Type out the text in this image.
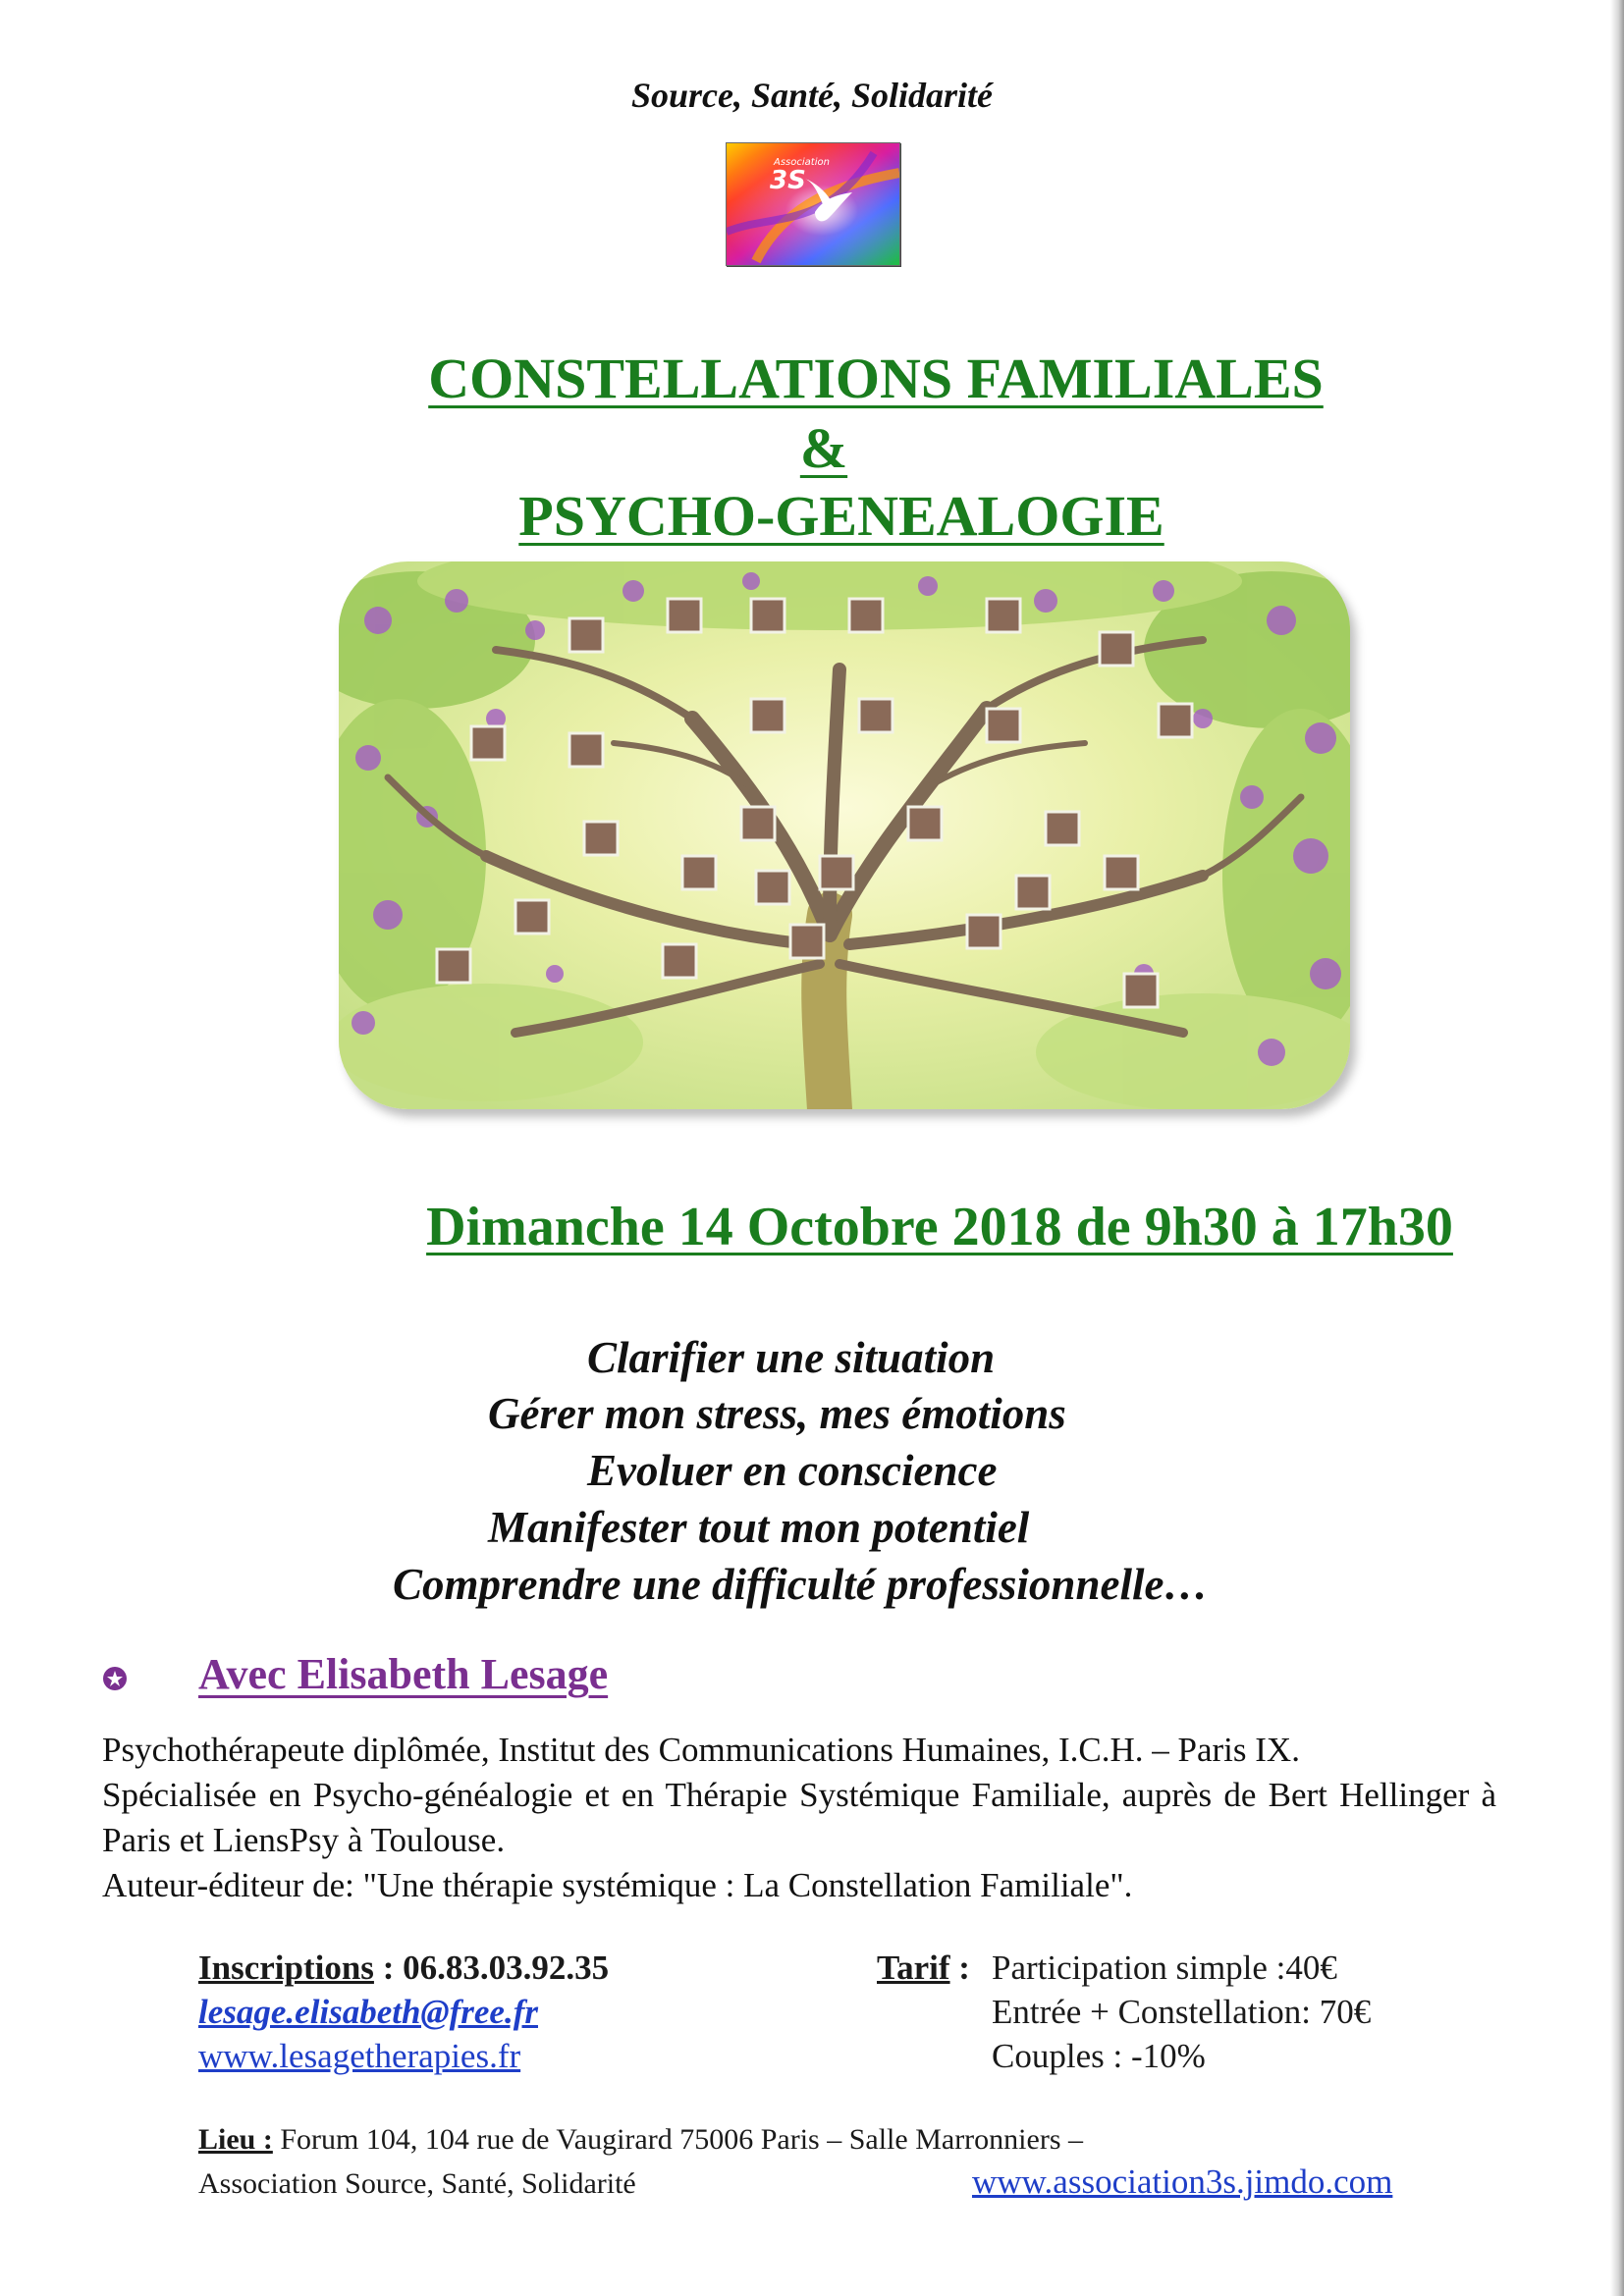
Source, Santé, Solidarité
Association
3S
CONSTELLATIONS FAMILIALES
&
PSYCHO-GENEALOGIE
Dimanche 14 Octobre 2018 de 9h30 à 17h30
Clarifier une situation
Gérer mon stress, mes émotions
Evoluer en conscience
Manifester tout mon potentiel
Comprendre une difficulté professionnelle…
Avec Elisabeth Lesage

Psychothérapeute diplômée, Institut des Communications Humaines, I.C.H. – Paris IX.

Spécialisée en Psycho-généalogie et en Thérapie Systémique Familiale, auprès de Bert Hellinger à Paris et LiensPsy à Toulouse.

Auteur-éditeur de: "Une thérapie systémique : La Constellation Familiale".

Inscriptions : 06.83.03.92.35
lesage.elisabeth@free.fr
www.lesagetherapies.fr
Tarif : Participation simple :40€
Entrée + Constellation: 70€
Couples : -10%
Lieu : Forum 104, 104 rue de Vaugirard 75006 Paris – Salle Marronniers –
Association Source, Santé, Solidarité	www.association3s.jimdo.com
